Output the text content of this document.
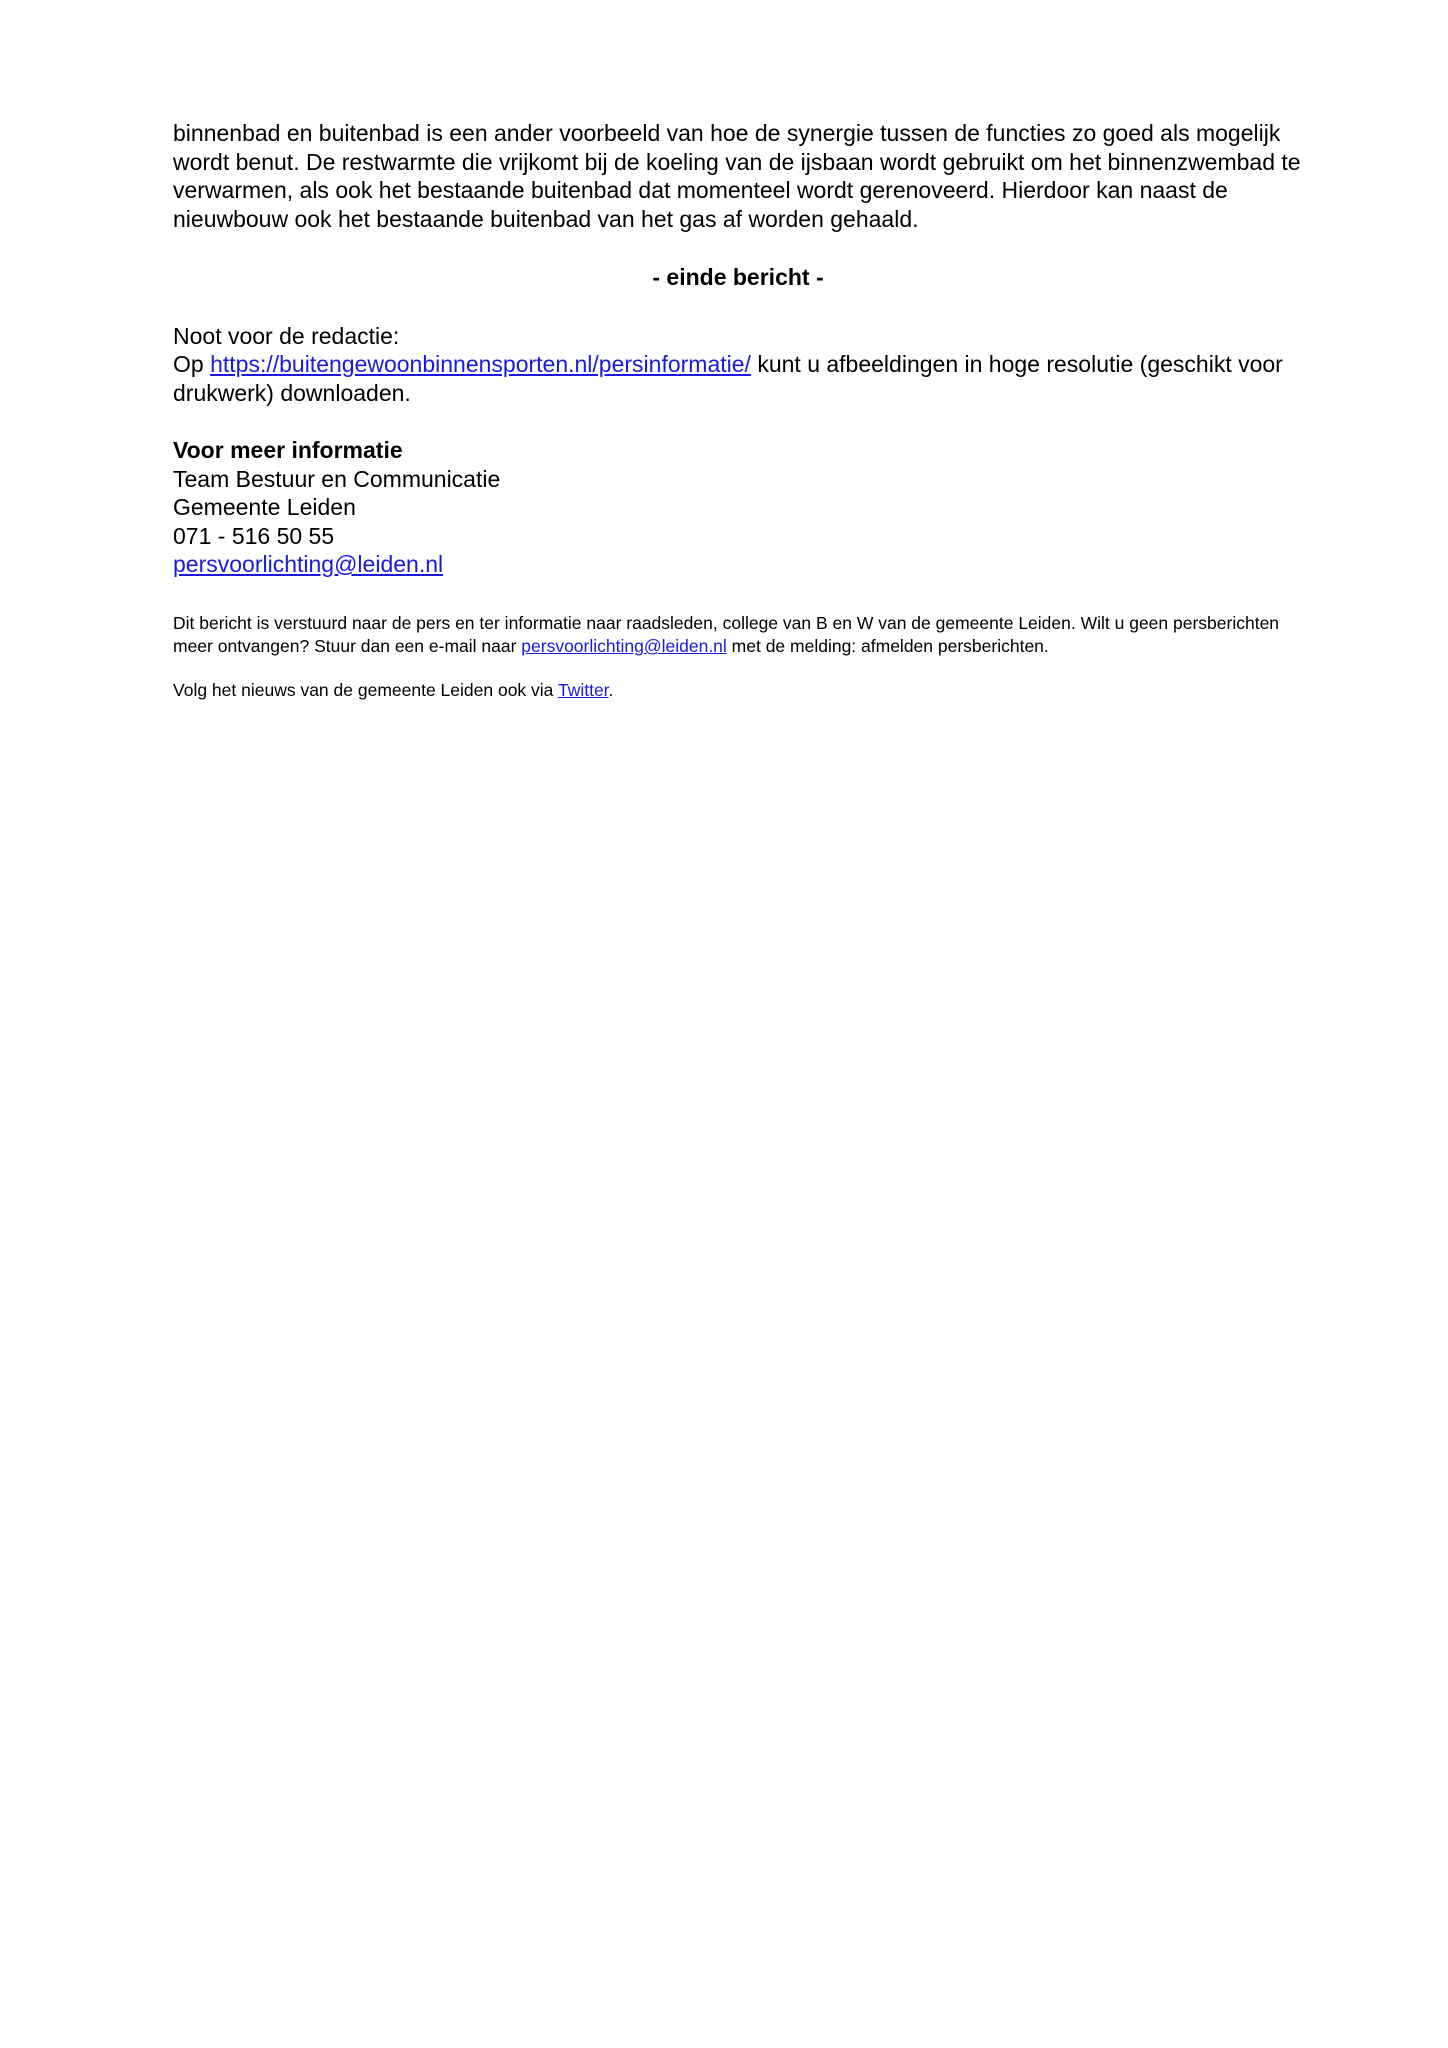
binnenbad en buitenbad is een ander voorbeeld van hoe de synergie tussen de functies zo goed als mogelijk wordt benut. De restwarmte die vrijkomt bij de koeling van de ijsbaan wordt gebruikt om het binnenzwembad te verwarmen, als ook het bestaande buitenbad dat momenteel wordt gerenoveerd. Hierdoor kan naast de nieuwbouw ook het bestaande buitenbad van het gas af worden gehaald.

- einde bericht -

Noot voor de redactie:
Op https://buitengewoonbinnensporten.nl/persinformatie/ kunt u afbeeldingen in hoge resolutie (geschikt voor drukwerk) downloaden.
Voor meer informatie
Team Bestuur en Communicatie
Gemeente Leiden
071 - 516 50 55
persvoorlichting@leiden.nl

Dit bericht is verstuurd naar de pers en ter informatie naar raadsleden, college van B en W van de gemeente Leiden. Wilt u geen persberichten meer ontvangen? Stuur dan een e-mail naar persvoorlichting@leiden.nl met de melding: afmelden persberichten.

Volg het nieuws van de gemeente Leiden ook via Twitter.
